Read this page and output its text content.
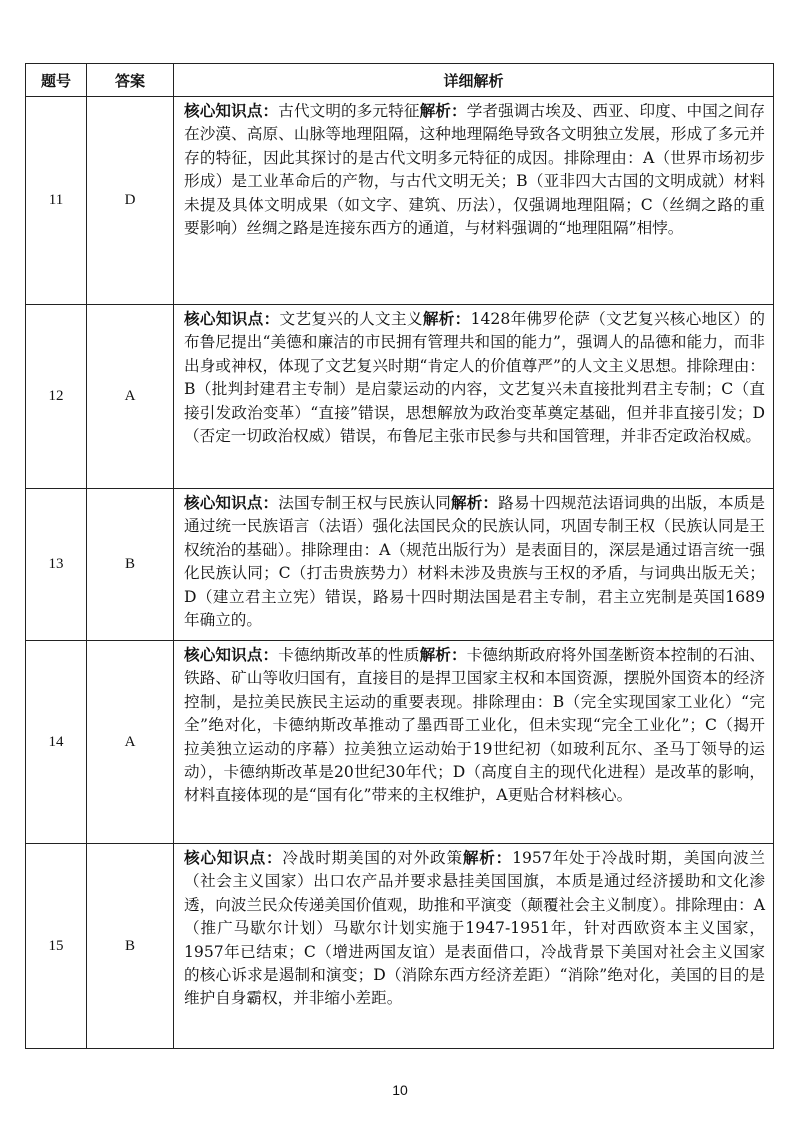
题号	答案	详细解析
11	D	核心知识点：古代文明的多元特征解析：学者强调古埃及、西亚、印度、中国之间存在沙漠、高原、山脉等地理阻隔，这种地理隔绝导致各文明独立发展，形成了多元并存的特征，因此其探讨的是古代文明多元特征的成因。排除理由：A（世界市场初步形成）是工业革命后的产物，与古代文明无关；B（亚非四大古国的文明成就）材料未提及具体文明成果（如文字、建筑、历法），仅强调地理阻隔；C（丝绸之路的重要影响）丝绸之路是连接东西方的通道，与材料强调的“地理阻隔”相悖。
12	A	核心知识点：文艺复兴的人文主义解析：1428年佛罗伦萨（文艺复兴核心地区）的布鲁尼提出“美德和廉洁的市民拥有管理共和国的能力”，强调人的品德和能力，而非出身或神权，体现了文艺复兴时期“肯定人的价值尊严”的人文主义思想。排除理由：B（批判封建君主专制）是启蒙运动的内容，文艺复兴未直接批判君主专制；C（直接引发政治变革）“直接”错误，思想解放为政治变革奠定基础，但并非直接引发；D（否定一切政治权威）错误，布鲁尼主张市民参与共和国管理，并非否定政治权威。
13	B	核心知识点：法国专制王权与民族认同解析：路易十四规范法语词典的出版，本质是通过统一民族语言（法语）强化法国民众的民族认同，巩固专制王权（民族认同是王权统治的基础）。排除理由：A（规范出版行为）是表面目的，深层是通过语言统一强化民族认同；C（打击贵族势力）材料未涉及贵族与王权的矛盾，与词典出版无关；D（建立君主立宪）错误，路易十四时期法国是君主专制，君主立宪制是英国1689年确立的。
14	A	核心知识点：卡德纳斯改革的性质解析：卡德纳斯政府将外国垄断资本控制的石油、铁路、矿山等收归国有，直接目的是捍卫国家主权和本国资源，摆脱外国资本的经济控制，是拉美民族民主运动的重要表现。排除理由：B（完全实现国家工业化）“完全”绝对化，卡德纳斯改革推动了墨西哥工业化，但未实现“完全工业化”；C（揭开拉美独立运动的序幕）拉美独立运动始于19世纪初（如玻利瓦尔、圣马丁领导的运动），卡德纳斯改革是20世纪30年代；D（高度自主的现代化进程）是改革的影响，材料直接体现的是“国有化”带来的主权维护，A更贴合材料核心。
15	B	核心知识点：冷战时期美国的对外政策解析：1957年处于冷战时期，美国向波兰（社会主义国家）出口农产品并要求悬挂美国国旗，本质是通过经济援助和文化渗透，向波兰民众传递美国价值观，助推和平演变（颠覆社会主义制度）。排除理由：A（推广马歇尔计划）马歇尔计划实施于1947-1951年，针对西欧资本主义国家，1957年已结束；C（增进两国友谊）是表面借口，冷战背景下美国对社会主义国家的核心诉求是遏制和演变；D（消除东西方经济差距）“消除”绝对化，美国的目的是维护自身霸权，并非缩小差距。
10
